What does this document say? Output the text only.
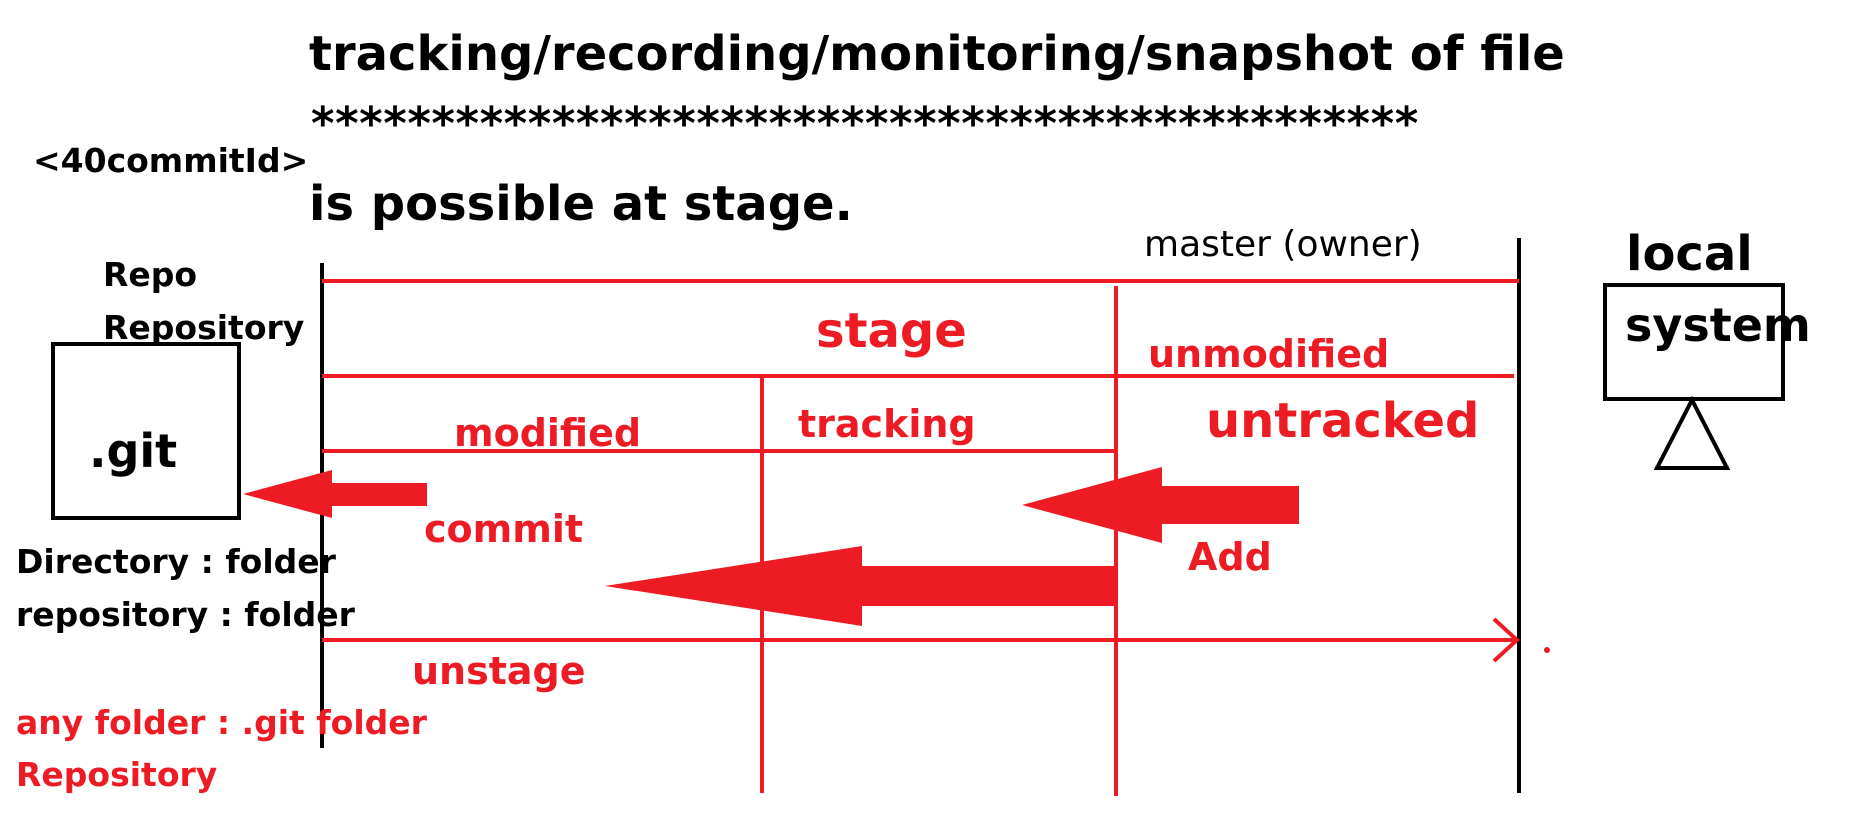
tracking/recording/monitoring/snapshot of file
**********************************************
is possible at stage.
<40commitId>
Repo
Repository
.git
Directory : folder
repository : folder
any folder : .git folder
Repository
master (owner)	local
system
stage	unmodified
modified	tracking	untracked
commit
Add
unstage
